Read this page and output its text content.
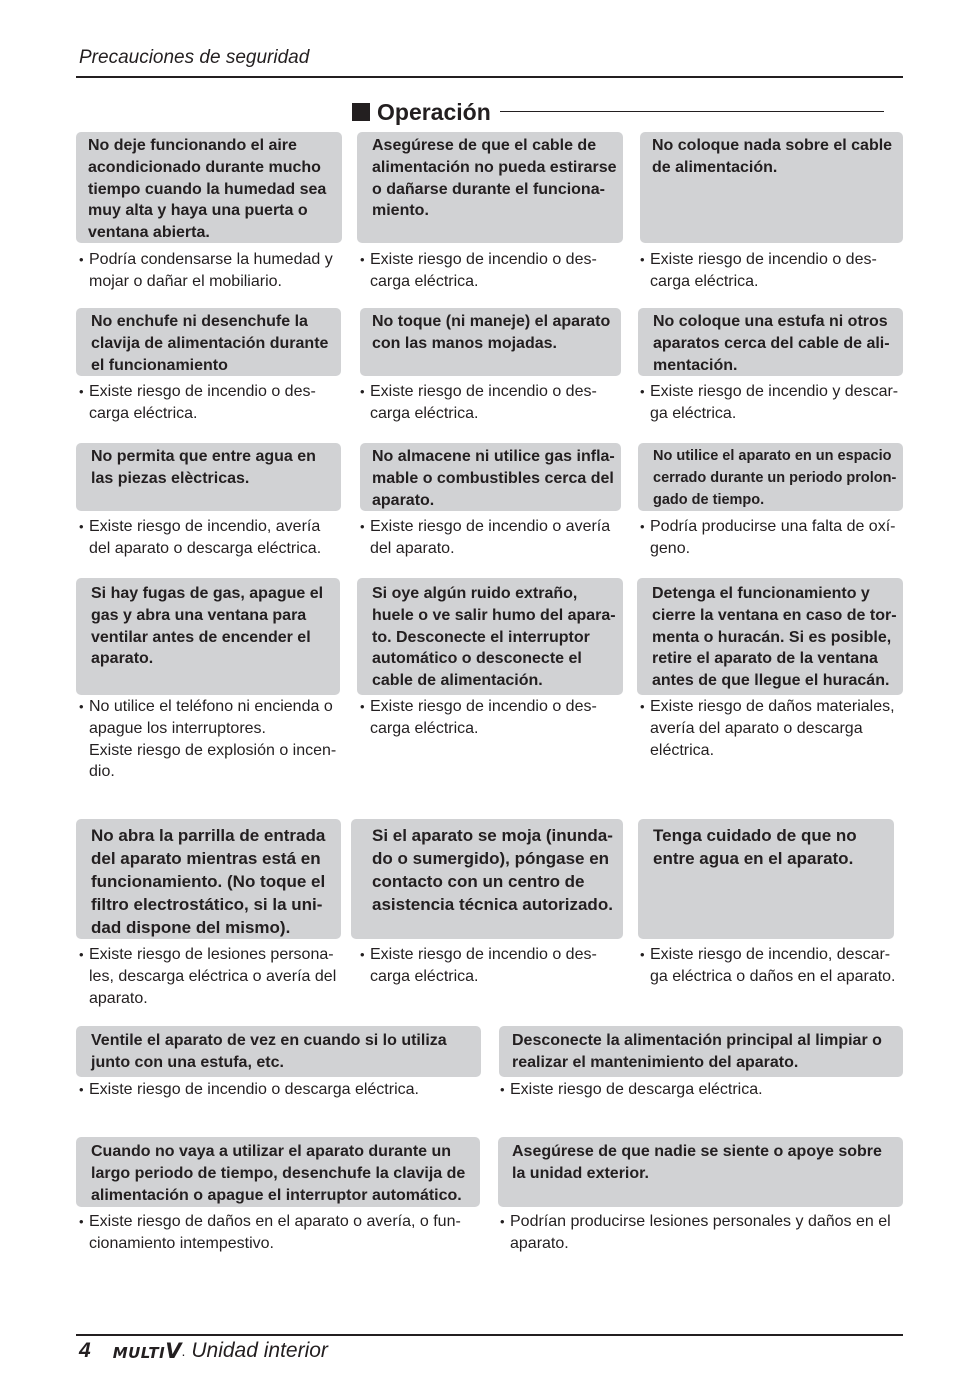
Precauciones de seguridad
Operación
No deje funcionando el aire acondicionado durante mucho tiempo cuando la humedad sea muy alta y haya una puerta o ventana abierta.
Asegúrese de que el cable de alimentación no pueda estirarse o dañarse durante el funciona-miento.
No coloque nada sobre el cable de alimentación.
• Podría condensarse la humedad y mojar o dañar el mobiliario.
• Existe riesgo de incendio o des-carga eléctrica.
• Existe riesgo de incendio o des-carga eléctrica.
No enchufe ni desenchufe la clavija de alimentación durante el funcionamiento
No toque (ni maneje) el aparato con las manos mojadas.
No coloque una estufa ni otros aparatos cerca del cable de ali-mentación.
• Existe riesgo de incendio o des-carga eléctrica.
• Existe riesgo de incendio o des-carga eléctrica.
• Existe riesgo de incendio y descar-ga eléctrica.
No permita que entre agua en las piezas elèctricas.
No almacene ni utilice gas infla-mable o combustibles cerca del aparato.
No utilice el aparato en un espacio cerrado durante un periodo prolon-gado de tiempo.
• Existe riesgo de incendio, avería del aparato o descarga eléctrica.
• Existe riesgo de incendio o avería del aparato.
• Podría producirse una falta de oxí-geno.
Si hay fugas de gas, apague el gas y abra una ventana para ventilar antes de encender el aparato.
Si oye algún ruido extraño, huele o ve salir humo del apara-to. Desconecte el interruptor automático o desconecte el cable de alimentación.
Detenga el funcionamiento y cierre la ventana en caso de tor-menta o huracán. Si es posible, retire el aparato de la ventana antes de que llegue el huracán.
• No utilice el teléfono ni encienda o apague los interruptores.
Existe riesgo de explosión o incen-dio.
• Existe riesgo de incendio o des-carga eléctrica.
• Existe riesgo de daños materiales, avería del aparato o descarga eléctrica.
No abra la parrilla de entrada del aparato mientras está en funcionamiento. (No toque el filtro electrostático, si la uni-dad dispone del mismo).
Si el aparato se moja (inunda-do o sumergido), póngase en contacto con un centro de asistencia técnica autorizado.
Tenga cuidado de que no entre agua en el aparato.
• Existe riesgo de lesiones persona-les, descarga eléctrica o avería del aparato.
• Existe riesgo de incendio o des-carga eléctrica.
• Existe riesgo de incendio, descar-ga eléctrica o daños en el aparato.
Ventile el aparato de vez en cuando si lo utiliza junto con una estufa, etc.
Desconecte la alimentación principal al limpiar o realizar el mantenimiento del aparato.
• Existe riesgo de incendio o descarga eléctrica.
•	Existe riesgo de descarga eléctrica.
Cuando no vaya a utilizar el aparato durante un largo periodo de tiempo, desenchufe la clavija de alimentación o apague el interruptor automático.
Asegúrese de que nadie se siente o apoye sobre la unidad exterior.
• Existe riesgo de daños en el aparato o avería, o fun-cionamiento intempestivo.
• Podrían producirse lesiones personales y daños en el aparato.
4 MULTIV . Unidad interior
